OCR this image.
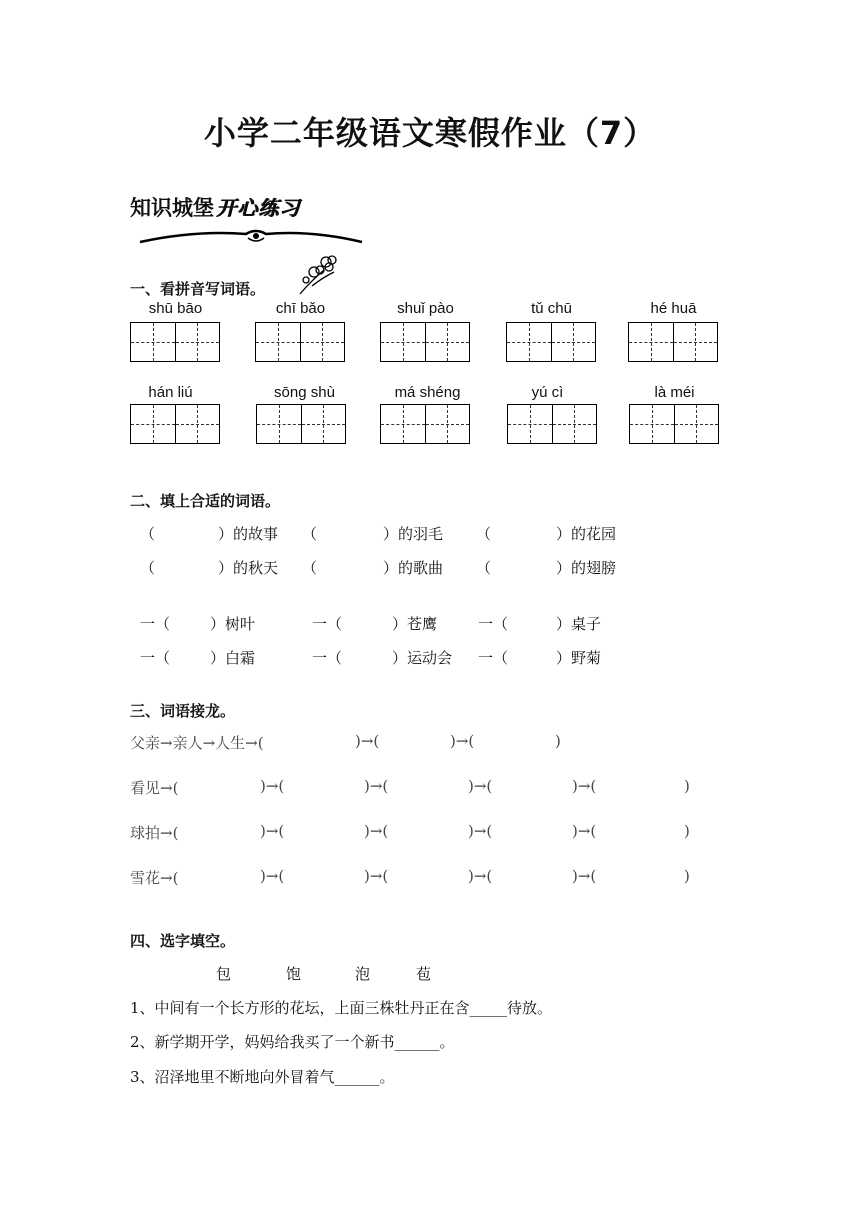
小学二年级语文寒假作业（7）
知识城堡 开心练习
一、看拼音写词语。
shū bāo	chī bǎo	shuǐ pào	tǔ chū	hé huā
hán liú	sōng shù	má shéng	yú cì	là méi
二、填上合适的词语。
（	）的故事 （	）的羽毛 （	）的花园
（	）的秋天 （	）的歌曲 （	）的翅膀
一（	）树叶	一（	）苍鹰	一（	）桌子
一（	）白霜	一（	）运动会 一（	）野菊
三、词语接龙。
父亲→亲人→人生→(	)→(	)→(	)
看见→(	)→(	)→(	)→(	)→(	)
球拍→(	)→(	)→(	)→(	)→(	)
雪花→(	)→(	)→(	)→(	)→(	)
四、选字填空。
包	饱	泡	苞
1、中间有一个长方形的花坛，上面三株牡丹正在含_____待放。
2、新学期开学，妈妈给我买了一个新书______。
3、沼泽地里不断地向外冒着气______。
